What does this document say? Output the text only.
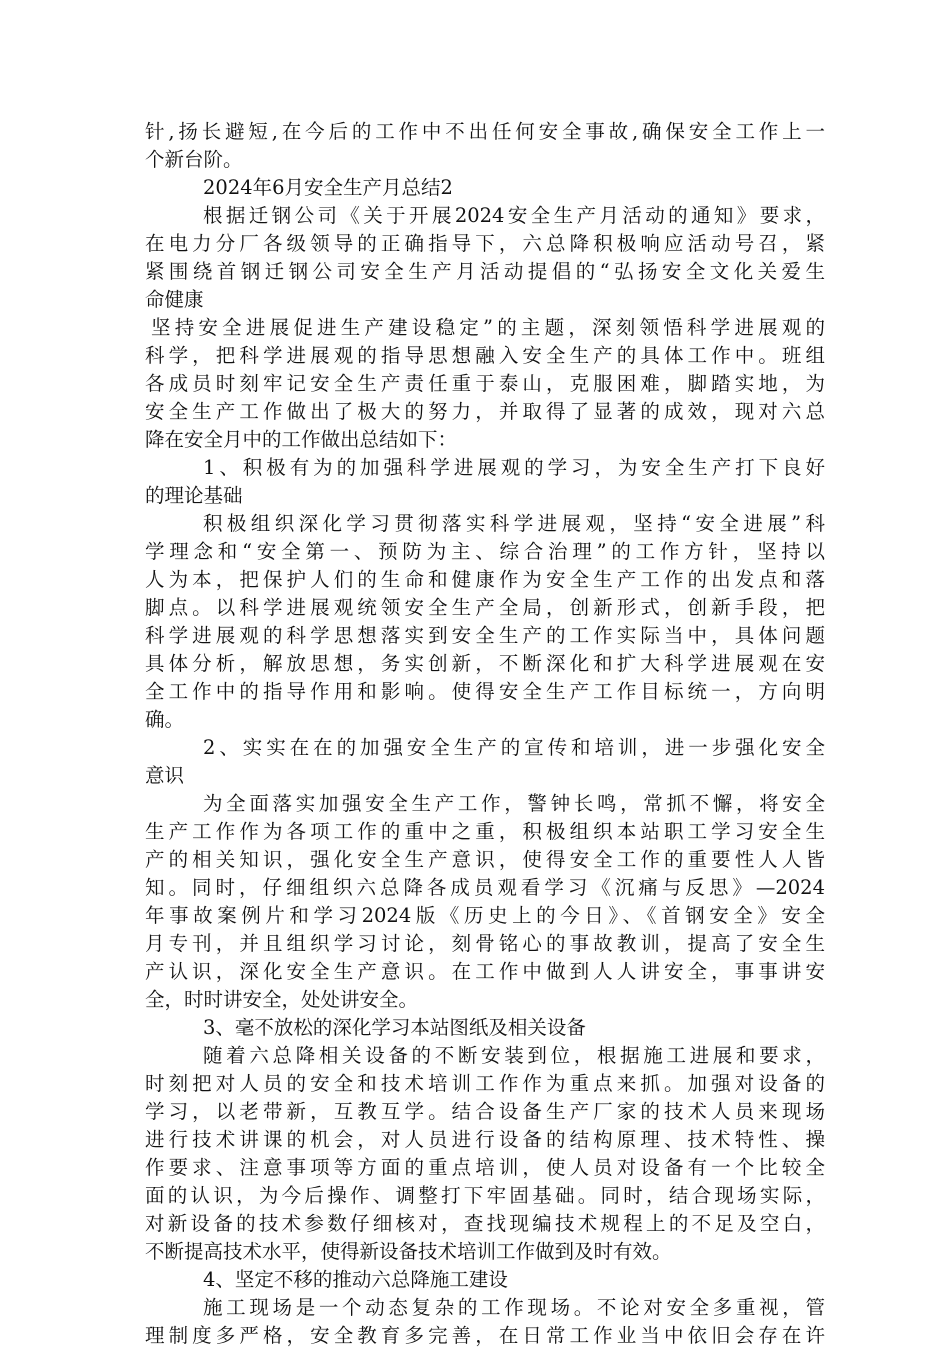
针,扬长避短,在今后的工作中不出任何安全事故,确保安全工作上一
个新台阶。
2024年6月安全生产月总结2
根据迁钢公司《关于开展2024安全生产月活动的通知》要求，
在电力分厂各级领导的正确指导下，六总降积极响应活动号召，紧
紧围绕首钢迁钢公司安全生产月活动提倡的“弘扬安全文化关爱生
命健康
坚持安全进展促进生产建设稳定”的主题，深刻领悟科学进展观的
科学，把科学进展观的指导思想融入安全生产的具体工作中。班组
各成员时刻牢记安全生产责任重于泰山，克服困难，脚踏实地，为
安全生产工作做出了极大的努力，并取得了显著的成效，现对六总
降在安全月中的工作做出总结如下：
1、积极有为的加强科学进展观的学习，为安全生产打下良好
的理论基础
积极组织深化学习贯彻落实科学进展观，坚持“安全进展”科
学理念和“安全第一、预防为主、综合治理”的工作方针，坚持以
人为本，把保护人们的生命和健康作为安全生产工作的出发点和落
脚点。以科学进展观统领安全生产全局，创新形式，创新手段，把
科学进展观的科学思想落实到安全生产的工作实际当中，具体问题
具体分析，解放思想，务实创新，不断深化和扩大科学进展观在安
全工作中的指导作用和影响。使得安全生产工作目标统一，方向明
确。
2、实实在在的加强安全生产的宣传和培训，进一步强化安全
意识
为全面落实加强安全生产工作，警钟长鸣，常抓不懈，将安全
生产工作作为各项工作的重中之重，积极组织本站职工学习安全生
产的相关知识，强化安全生产意识，使得安全工作的重要性人人皆
知。同时，仔细组织六总降各成员观看学习《沉痛与反思》—2024
年事故案例片和学习2024版《历史上的今日》、《首钢安全》安全
月专刊，并且组织学习讨论，刻骨铭心的事故教训，提高了安全生
产认识，深化安全生产意识。在工作中做到人人讲安全，事事讲安
全，时时讲安全，处处讲安全。
3、毫不放松的深化学习本站图纸及相关设备
随着六总降相关设备的不断安装到位，根据施工进展和要求，
时刻把对人员的安全和技术培训工作作为重点来抓。加强对设备的
学习，以老带新，互教互学。结合设备生产厂家的技术人员来现场
进行技术讲课的机会，对人员进行设备的结构原理、技术特性、操
作要求、注意事项等方面的重点培训，使人员对设备有一个比较全
面的认识，为今后操作、调整打下牢固基础。同时，结合现场实际，
对新设备的技术参数仔细核对，查找现编技术规程上的不足及空白，
不断提高技术水平，使得新设备技术培训工作做到及时有效。
4、坚定不移的推动六总降施工建设
施工现场是一个动态复杂的工作现场。不论对安全多重视，管
理制度多严格，安全教育多完善，在日常工作业当中依旧会存在许
